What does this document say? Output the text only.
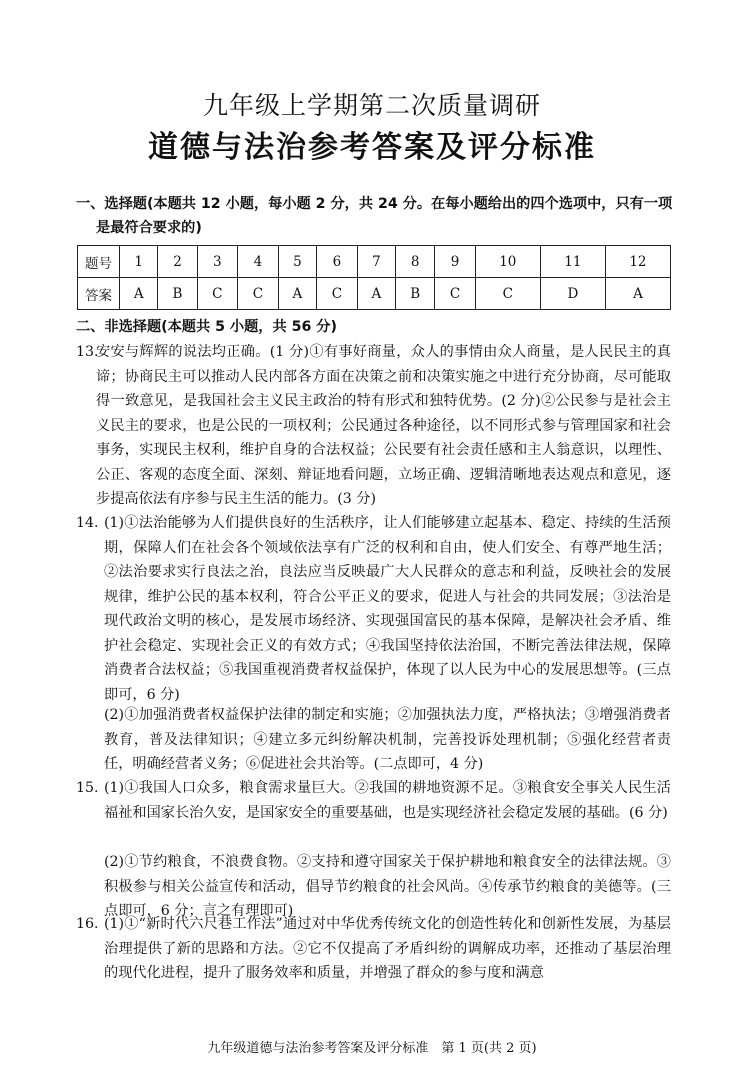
九年级上学期第二次质量调研
道德与法治参考答案及评分标准
一、选择题(本题共 12 小题，每小题 2 分，共 24 分。在每小题给出的四个选项中，只有一项
是最符合要求的)
题号	1	2	3	4	5	6	7	8	9	10	11	12
答案	A	B	C	C	A	C	A	B	C	C	D	A
二、非选择题(本题共 5 小题，共 56 分)
13.
安安与辉辉的说法均正确。(1 分)①有事好商量，众人的事情由众人商量，是人民民主的真谛；协商民主可以推动人民内部各方面在决策之前和决策实施之中进行充分协商，尽可能取得一致意见，是我国社会主义民主政治的特有形式和独特优势。(2 分)②公民参与是社会主义民主的要求，也是公民的一项权利；公民通过各种途径，以不同形式参与管理国家和社会事务，实现民主权利，维护自身的合法权益；公民要有社会责任感和主人翁意识，以理性、公正、客观的态度全面、深刻、辩证地看问题，立场正确、逻辑清晰地表达观点和意见，逐步提高依法有序参与民主生活的能力。(3 分)
14. (1)①法治能够为人们提供良好的生活秩序，让人们能够建立起基本、稳定、持续的生活预期，保障人们在社会各个领域依法享有广泛的权利和自由，使人们安全、有尊严地生活；②法治要求实行良法之治，良法应当反映最广大人民群众的意志和利益，反映社会的发展规律，维护公民的基本权利，符合公平正义的要求，促进人与社会的共同发展；③法治是现代政治文明的核心，是发展市场经济、实现强国富民的基本保障，是解决社会矛盾、维护社会稳定、实现社会正义的有效方式；④我国坚持依法治国，不断完善法律法规，保障消费者合法权益；⑤我国重视消费者权益保护，体现了以人民为中心的发展思想等。(三点即可，6 分)
(2)①加强消费者权益保护法律的制定和实施；②加强执法力度，严格执法；③增强消费者教育，普及法律知识；④建立多元纠纷解决机制，完善投诉处理机制；⑤强化经营者责任，明确经营者义务；⑥促进社会共治等。(二点即可，4 分)
15. (1)①我国人口众多，粮食需求量巨大。②我国的耕地资源不足。③粮食安全事关人民生活福祉和国家长治久安，是国家安全的重要基础，也是实现经济社会稳定发展的基础。(6 分)
(2)①节约粮食，不浪费食物。②支持和遵守国家关于保护耕地和粮食安全的法律法规。③积极参与相关公益宣传和活动，倡导节约粮食的社会风尚。④传承节约粮食的美德等。(三点即可，6 分；言之有理即可)
16. (1)①“新时代六尺巷工作法”通过对中华优秀传统文化的创造性转化和创新性发展，为基层治理提供了新的思路和方法。②它不仅提高了矛盾纠纷的调解成功率，还推动了基层治理的现代化进程，提升了服务效率和质量，并增强了群众的参与度和满意
九年级道德与法治参考答案及评分标准　第 1 页(共 2 页)
